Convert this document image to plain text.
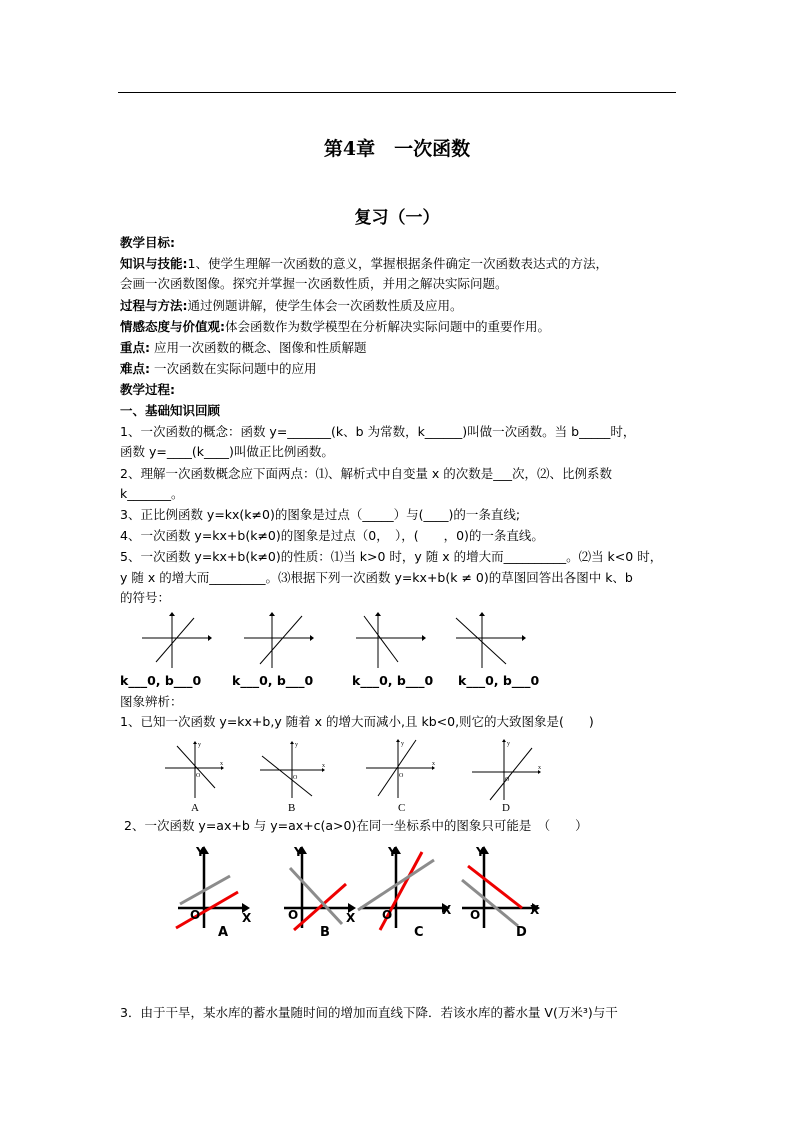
第4章　一次函数
复习（一）
教学目标:
知识与技能:1、使学生理解一次函数的意义，掌握根据条件确定一次函数表达式的方法，
会画一次函数图像。探究并掌握一次函数性质，并用之解决实际问题。
过程与方法:通过例题讲解，使学生体会一次函数性质及应用。
情感态度与价值观:体会函数作为数学模型在分析解决实际问题中的重要作用。
重点: 应用一次函数的概念、图像和性质解题
难点: 一次函数在实际问题中的应用
教学过程:
一、基础知识回顾
1、一次函数的概念：函数 y=_______(k、b 为常数，k______)叫做一次函数。当 b_____时，
函数 y=____(k____)叫做正比例函数。
2、理解一次函数概念应下面两点：⑴、解析式中自变量 x 的次数是___次，⑵、比例系数
k_______。
3、正比例函数 y=kx(k≠0)的图象是过点（_____）与(____)的一条直线;
4、一次函数 y=kx+b(k≠0)的图象是过点（0，　），(　　，0)的一条直线。
5、一次函数 y=kx+b(k≠0)的性质：⑴当 k>0 时，y 随 x 的增大而__________。⑵当 k<0 时，
y 随 x 的增大而_________。⑶根据下列一次函数 y=kx+b(k ≠ 0)的草图回答出各图中 k、b
的符号：
k___0, b___0 k___0, b___0	k___0, b___0 k___0, b___0
图象辨析：
1、已知一次函数 y=kx+b,y 随着 x 的增大而减小,且 kb<0,则它的大致图象是(　　)
y
x
O
y
x
O
y
x
O
y
x
O
A	B	C	D
2、一次函数 y=ax+b 与 y=ax+c(a>0)在同一坐标系中的图象只可能是　（　　）
Y
X
O
A
Y
X
O
B
Y
X
O
C
Y
X
O
D
3．由于干旱，某水库的蓄水量随时间的增加而直线下降．若该水库的蓄水量 V(万米³)与干
